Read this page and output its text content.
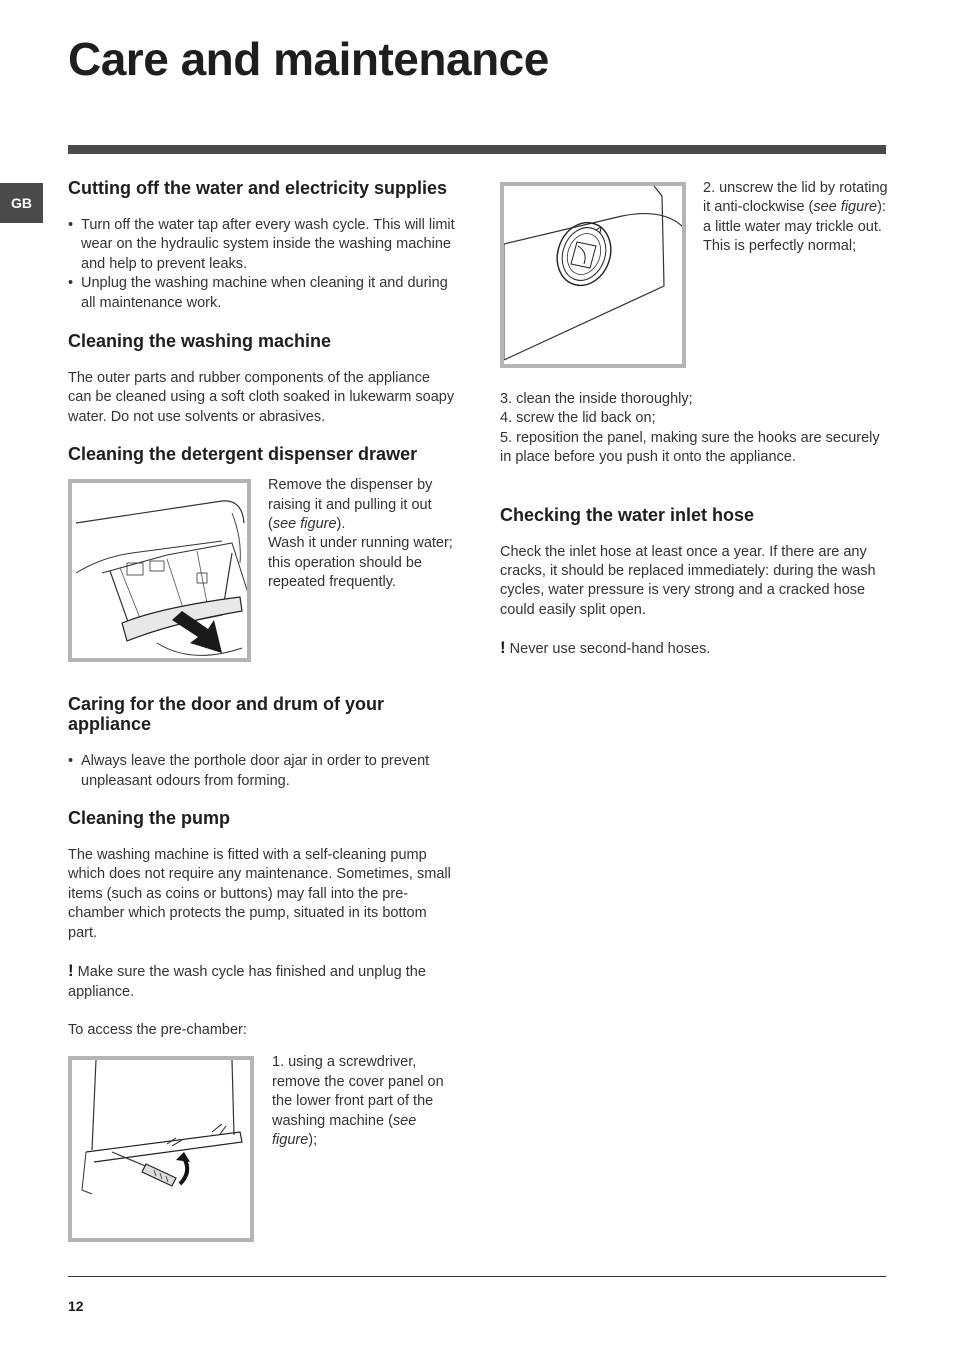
Care and maintenance
GB
Cutting off the water and electricity supplies
• Turn off the water tap after every wash cycle. This will limit wear on the hydraulic system inside the washing machine and help to prevent leaks.
• Unplug the washing machine when cleaning it and during all maintenance work.
Cleaning the washing machine

The outer parts and rubber components of the appliance can be cleaned using a soft cloth soaked in lukewarm soapy water. Do not use solvents or abrasives.

Cleaning the detergent dispenser drawer

Remove the dispenser by raising it and pulling it out (see figure).
Wash it under running water; this operation should be repeated frequently.

Caring for the door and drum of your appliance
• Always leave the porthole door ajar in order to prevent unpleasant odours from forming.
Cleaning the pump

The washing machine is fitted with a self-cleaning pump which does not require any maintenance. Sometimes, small items (such as coins or buttons) may fall into the pre-chamber which protects the pump, situated in its bottom part.

! Make sure the wash cycle has finished and unplug the appliance.

To access the pre-chamber:

1. using a screwdriver, remove the cover panel on the lower front part of the washing machine (see figure);

2. unscrew the lid by rotating it anti-clockwise (see figure): a little water may trickle out. This is perfectly normal;

3. clean the inside thoroughly;

4. screw the lid back on;

5. reposition the panel, making sure the hooks are securely in place before you push it onto the appliance.

Checking the water inlet hose

Check the inlet hose at least once a year. If there are any cracks, it should be replaced immediately: during the wash cycles, water pressure is very strong and a cracked hose could easily split open.

! Never use second-hand hoses.

12
